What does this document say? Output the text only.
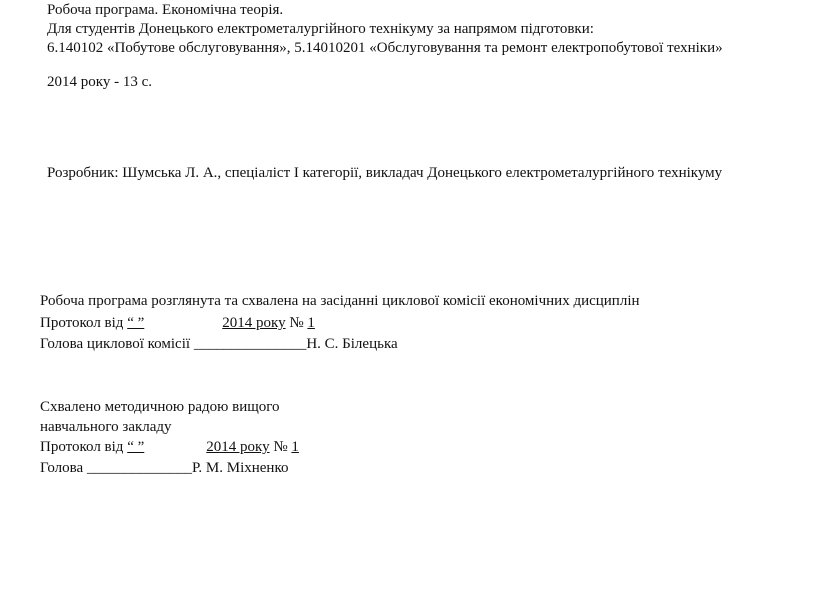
Робоча програма. Економічна теорія.
Для студентів Донецького електрометалургійного технікуму за напрямом підготовки:
6.140102 «Побутове обслуговування», 5.14010201 «Обслуговування та ремонт електропобутової техніки»
2014 року - 13 с.
Розробник: Шумська Л. А., спеціаліст І категорії, викладач Донецького електрометалургійного технікуму
Робоча програма розглянута та схвалена на засіданні циклової комісії економічних дисциплін
Протокол від “ ”	2014 року № 1
Голова циклової комісії _______________Н. С. Білецька
Схвалено методичною радою вищого
навчального закладу
Протокол від “ ”	2014 року № 1
Голова ______________Р. М. Міхненко
